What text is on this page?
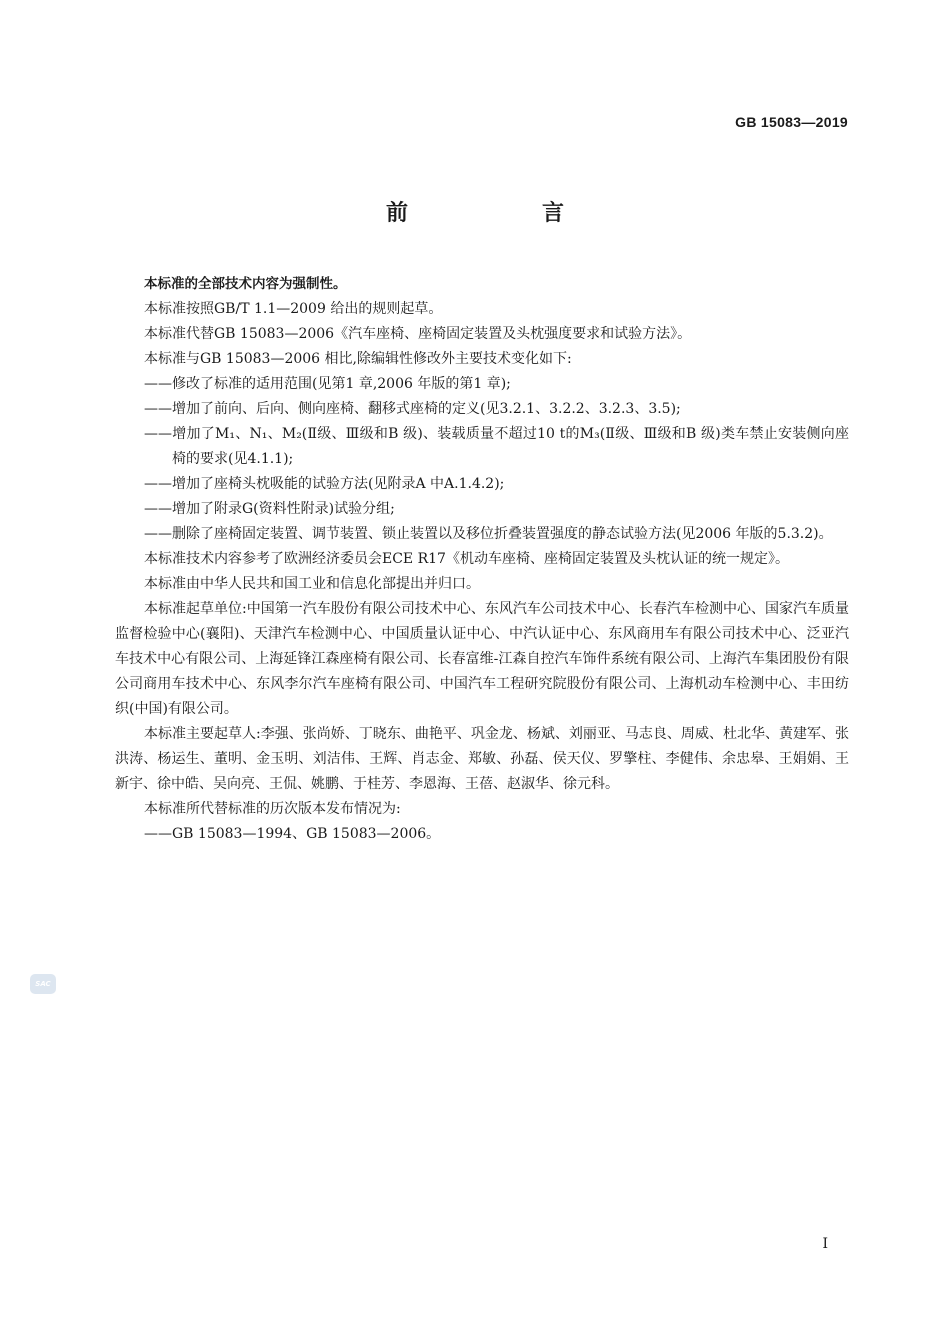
GB 15083—2019
前　言

本标准的全部技术内容为强制性。

本标准按照GB/T 1.1—2009 给出的规则起草。

本标准代替GB 15083—2006《汽车座椅、座椅固定装置及头枕强度要求和试验方法》。

本标准与GB 15083—2006 相比,除编辑性修改外主要技术变化如下:

——修改了标准的适用范围(见第1 章,2006 年版的第1 章);

——增加了前向、后向、侧向座椅、翻移式座椅的定义(见3.2.1、3.2.2、3.2.3、3.5);

——增加了M₁、N₁、M₂(Ⅱ级、Ⅲ级和B 级)、装载质量不超过10 t的M₃(Ⅱ级、Ⅲ级和B 级)类车禁止安装侧向座椅的要求(见4.1.1);

——增加了座椅头枕吸能的试验方法(见附录A 中A.1.4.2);

——增加了附录G(资料性附录)试验分组;

——删除了座椅固定装置、调节装置、锁止装置以及移位折叠装置强度的静态试验方法(见2006 年版的5.3.2)。

本标准技术内容参考了欧洲经济委员会ECE R17《机动车座椅、座椅固定装置及头枕认证的统一规定》。

本标准由中华人民共和国工业和信息化部提出并归口。

本标准起草单位:中国第一汽车股份有限公司技术中心、东风汽车公司技术中心、长春汽车检测中心、国家汽车质量监督检验中心(襄阳)、天津汽车检测中心、中国质量认证中心、中汽认证中心、东风商用车有限公司技术中心、泛亚汽车技术中心有限公司、上海延锋江森座椅有限公司、长春富维-江森自控汽车饰件系统有限公司、上海汽车集团股份有限公司商用车技术中心、东风李尔汽车座椅有限公司、中国汽车工程研究院股份有限公司、上海机动车检测中心、丰田纺织(中国)有限公司。

本标准主要起草人:李强、张尚娇、丁晓东、曲艳平、巩金龙、杨斌、刘丽亚、马志良、周威、杜北华、黄建军、张洪涛、杨运生、董明、金玉明、刘洁伟、王辉、肖志金、郑敏、孙磊、侯天仪、罗擎柱、李健伟、余忠皋、王娟娟、王新宇、徐中皓、吴向亮、王侃、姚鹏、于桂芳、李恩海、王蓓、赵淑华、徐元科。

本标准所代替标准的历次版本发布情况为:

——GB 15083—1994、GB 15083—2006。

SAC
I
